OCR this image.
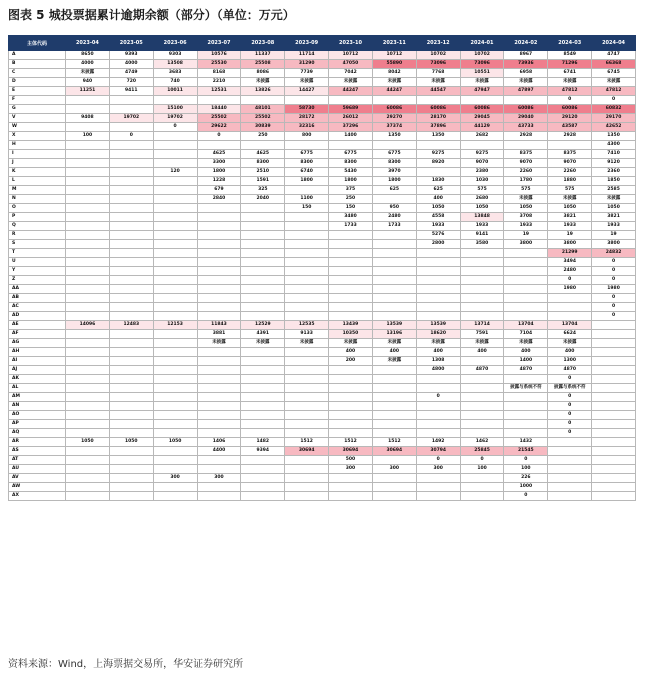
图表 5 城投票据累计逾期余额（部分）（单位：万元）
主体代码	2023-04	2023-05	2023-06	2023-07	2023-08	2023-09	2023-10	2023-11	2023-12	2024-01	2024-02	2024-03	2024-04
A	8650	9393	9303	10576	11337	11714	10712	10712	10702	10702	8967	8549	4747
B	4000	4000	13508	25530	25508	31290	47050	55890	73096	73096	73936	71296	66368
C	未披露	4749	3683	8168	8086	7739	7042	8042	7768	10551	6958	6741	6745
D	940	720	740	2210	未披露	未披露	未披露	未披露	未披露	未披露	未披露	未披露	未披露
E	11251	9411	10011	12531	13826	14427	44247	44247	44547	47947	47897	47812	47812
F												0	0
G			15100	18440	48101	58730	59689	60086	60086	60086	60086	60086	60832
V	9408	19702	19702	25502	25502	28172	26012	29270	28170	29045	29040	29120	29170
W			0	29622	30839	32316	37296	37374	37896	44129	43733	43587	42652
X	100	0		0	250	800	1400	1350	1350	2682	2928	2928	1350
H													4300
I				4625	4625	6775	6775	6775	9275	9275	8375	8375	7410
J				3300	8300	8300	8300	8300	8920	9070	9070	9070	9120
K			120	1800	2510	6740	5430	3970		2380	2260	2260	2360
L				1228	1591	1800	1800	1800	1830	1030	1780	1880	1850
M				679	325		375	625	625	575	575	575	2585
N				2840	2040	1100	250		400	2680	未披露	未披露	未披露
O						150	150	950	1050	1050	1050	1050	1050
P							3480	2480	4558	13848	3708	3821	3821
Q							1733	1733	1933	1933	1933	1933	1933
R									5276	9141	19	19	19
S									2800	3580	3800	3800	3800
T												21299	24832
U												3494	0
Y												2480	0
Z												0	0
AA												1980	1980
AB													0
AC													0
AD													0
AE	14096	12483	12153	11843	12529	12535	13439	13539	13539	13714	13704	13704	
AF				3881	4391	9133	10350	13196	18620	7591	7104	6624	
AG				未披露	未披露	未披露	未披露	未披露	未披露	未披露	未披露	未披露	
AH							400	400	400	400	400	400	
AI							200	未披露	1308		1400	1300	
AJ									4800	4870	4870	4870	
AK												0	
AL											披露与系统不符	披露与系统不符	
AM									0			0	
AN												0	
AO												0	
AP												0	
AQ												0	
AR	1050	1050	1050	1406	1482	1512	1512	1512	1492	1462	1432		
AS				4400	9394	30694	30694	30694	30794	25845	21545		
AT							500		0	0	0		
AU							300	300	300	100	100		
AV			300	300							226		
AW											1000		
AX											0		
资料来源：Wind，上海票据交易所，华安证券研究所
